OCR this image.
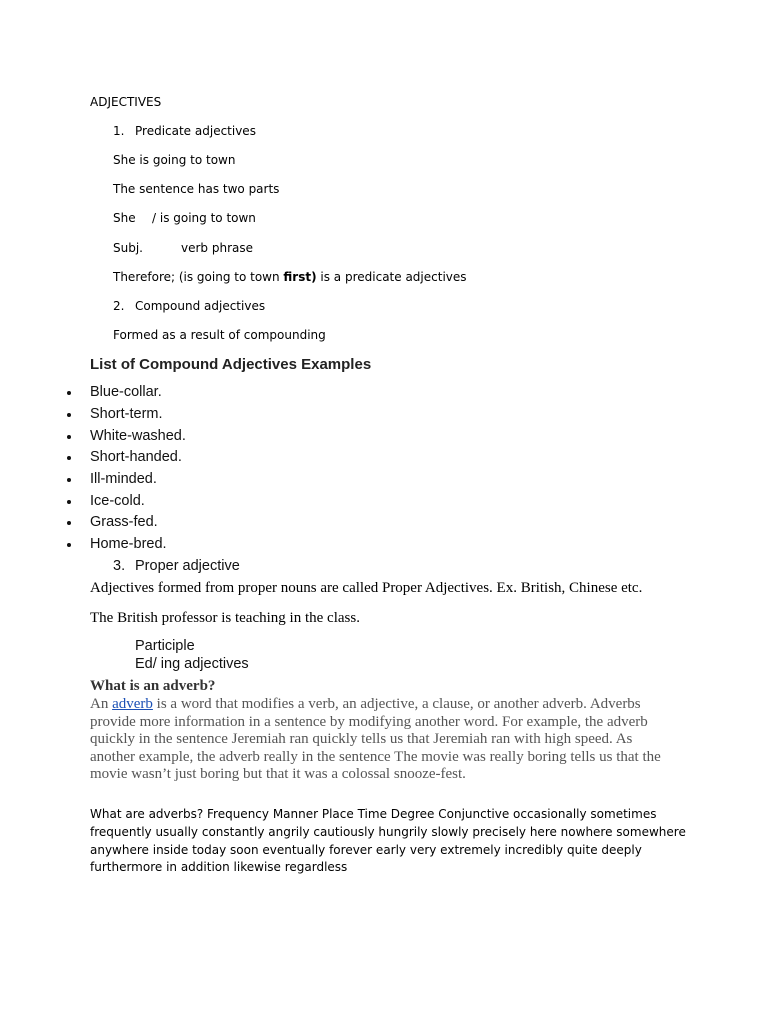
ADJECTIVES
1. Predicate adjectives
She is going to town
The sentence has two parts
She / is going to town
Subj.	verb phrase
Therefore; (is going to town first) is a predicate adjectives
2. Compound adjectives
Formed as a result of compounding
List of Compound Adjectives Examples
Blue-collar.
Short-term.
White-washed.
Short-handed.
Ill-minded.
Ice-cold.
Grass-fed.
Home-bred.
3. Proper adjective
Adjectives formed from proper nouns are called Proper Adjectives. Ex. British, Chinese etc.
The British professor is teaching in the class.
Participle
Ed/ ing adjectives
What is an adverb?
An adverb is a word that modifies a verb, an adjective, a clause, or another adverb. Adverbs provide more information in a sentence by modifying another word. For example, the adverb quickly in the sentence Jeremiah ran quickly tells us that Jeremiah ran with high speed. As another example, the adverb really in the sentence The movie was really boring tells us that the movie wasn’t just boring but that it was a colossal snooze-fest.
What are adverbs? Frequency Manner Place Time Degree Conjunctive occasionally sometimes frequently usually constantly angrily cautiously hungrily slowly precisely here nowhere somewhere anywhere inside today soon eventually forever early very extremely incredibly quite deeply furthermore in addition likewise regardless
